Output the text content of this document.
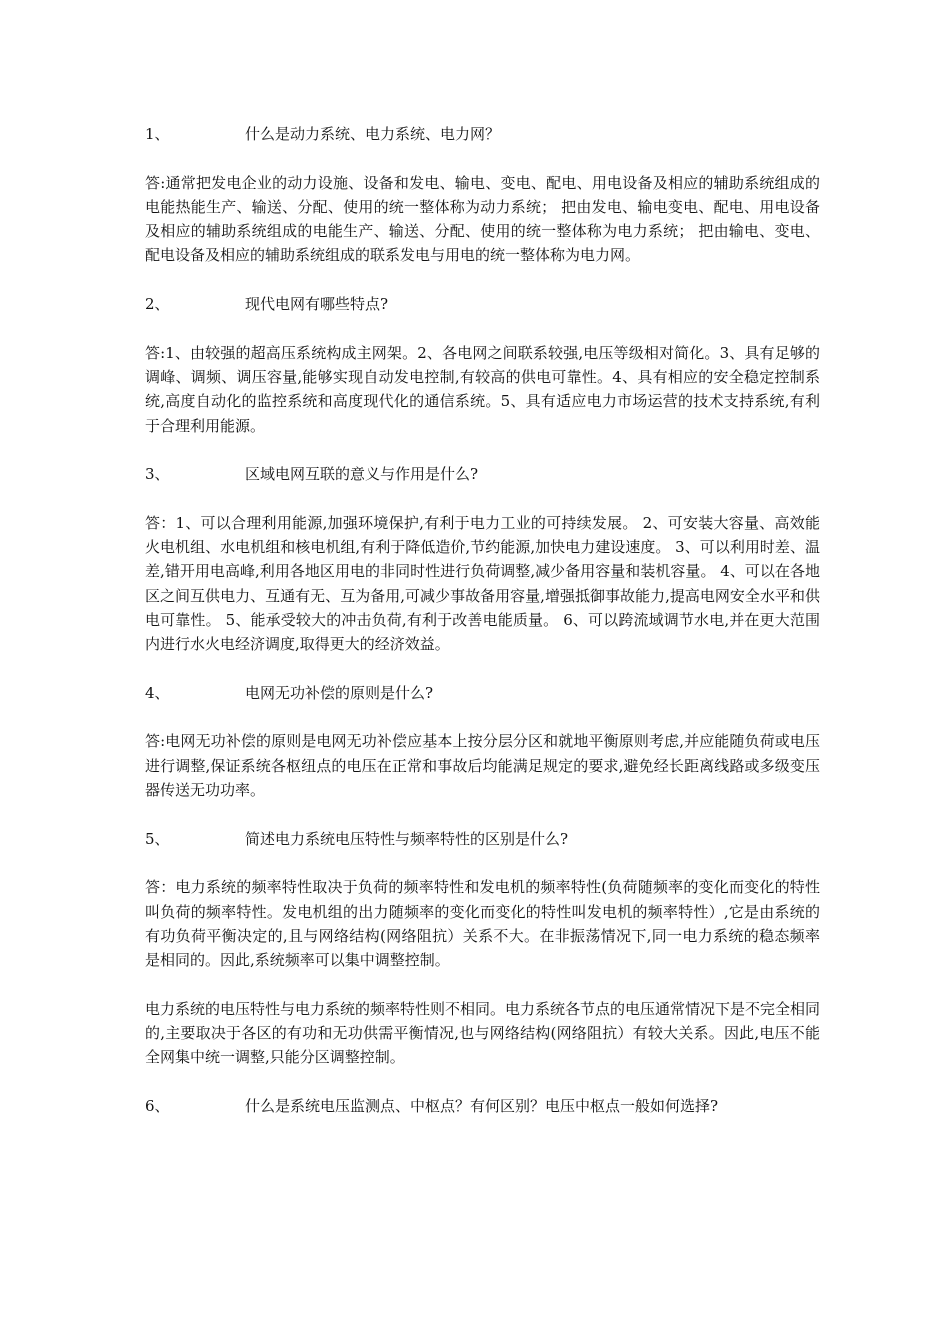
1、	什么是动力系统、电力系统、电力网？

答:通常把发电企业的动力设施、设备和发电、输电、变电、配电、用电设备及相应的辅助系统组成的电能热能生产、输送、分配、使用的统一整体称为动力系统； 把由发电、输电变电、配电、用电设备及相应的辅助系统组成的电能生产、输送、分配、使用的统一整体称为电力系统； 把由输电、变电、配电设备及相应的辅助系统组成的联系发电与用电的统一整体称为电力网。

2、	现代电网有哪些特点?

答:1、由较强的超高压系统构成主网架。2、各电网之间联系较强,电压等级相对简化。3、具有足够的调峰、调频、调压容量,能够实现自动发电控制,有较高的供电可靠性。4、具有相应的安全稳定控制系统,高度自动化的监控系统和高度现代化的通信系统。5、具有适应电力市场运营的技术支持系统,有利于合理利用能源。

3、	区域电网互联的意义与作用是什么?

答：1、可以合理利用能源,加强环境保护,有利于电力工业的可持续发展。 2、可安装大容量、高效能火电机组、水电机组和核电机组,有利于降低造价,节约能源,加快电力建设速度。 3、可以利用时差、温差,错开用电高峰,利用各地区用电的非同时性进行负荷调整,减少备用容量和装机容量。 4、可以在各地区之间互供电力、互通有无、互为备用,可减少事故备用容量,增强抵御事故能力,提高电网安全水平和供电可靠性。 5、能承受较大的冲击负荷,有利于改善电能质量。 6、可以跨流域调节水电,并在更大范围内进行水火电经济调度,取得更大的经济效益。

4、	电网无功补偿的原则是什么?

答:电网无功补偿的原则是电网无功补偿应基本上按分层分区和就地平衡原则考虑,并应能随负荷或电压进行调整,保证系统各枢纽点的电压在正常和事故后均能满足规定的要求,避免经长距离线路或多级变压器传送无功功率。

5、	简述电力系统电压特性与频率特性的区别是什么?

答：电力系统的频率特性取决于负荷的频率特性和发电机的频率特性(负荷随频率的变化而变化的特性叫负荷的频率特性。发电机组的出力随频率的变化而变化的特性叫发电机的频率特性）,它是由系统的有功负荷平衡决定的,且与网络结构(网络阻抗）关系不大。在非振荡情况下,同一电力系统的稳态频率是相同的。因此,系统频率可以集中调整控制。

电力系统的电压特性与电力系统的频率特性则不相同。电力系统各节点的电压通常情况下是不完全相同的,主要取决于各区的有功和无功供需平衡情况,也与网络结构(网络阻抗）有较大关系。因此,电压不能全网集中统一调整,只能分区调整控制。

6、	什么是系统电压监测点、中枢点？有何区别？电压中枢点一般如何选择?
